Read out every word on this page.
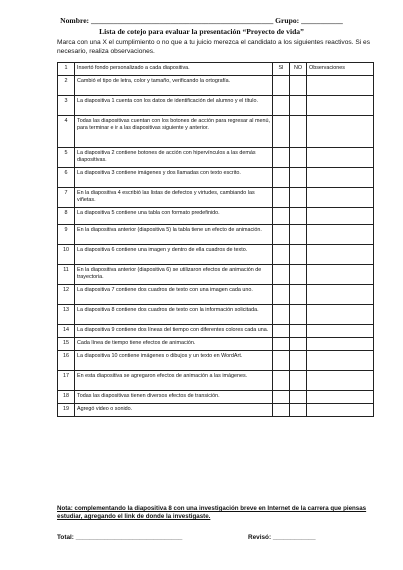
Nombre: ________________________________________________ Grupo: ___________
Lista de cotejo para evaluar la presentación “Proyecto de vida”
Marca con una X el cumplimiento o no que a tu juicio merezca el candidato a los siguientes reactivos. Si es necesario, realiza observaciones.
1	Insertó fondo personalizado a cada diapositiva.	SI	NO	Observaciones
2	Cambió el tipo de letra, color y tamaño, verificando la ortografía.			
3	La diapositiva 1 cuenta con los datos de identificación del alumno y el título.			
4	Todas las diapositivas cuentan con los botones de acción para regresar al menú, para terminar e ir a las diapositivas siguiente y anterior.			
5	La diapositiva 2 contiene botones de acción con hipervínculos a las demás diapositivas.			
6	La diapositiva 3 contiene imágenes y dos llamadas con texto escrito.			
7	En la diapositiva 4 escribió las listas de defectos y virtudes, cambiando las viñetas.			
8	La diapositiva 5 contiene una tabla con formato predefinido.			
9	En la diapositiva anterior (diapositiva 5) la tabla tiene un efecto de animación.			
10	La diapositiva 6 contiene una imagen y dentro de ella cuadros de texto.			
11	En la diapositiva anterior (diapositiva 6) se utilizaron efectos de animación de trayectoria.			
12	La diapositiva 7 contiene dos cuadros de texto con una imagen cada uno.			
13	La diapositiva 8 contiene dos cuadros de texto con la información solicitada.			
14	La diapositiva 9 contiene dos líneas del tiempo con diferentes colores cada una.			
15	Cada línea de tiempo tiene efectos de animación.			
16	La diapositiva 10 contiene imágenes o dibujos y un texto en WordArt.			
17	En esta diapositiva se agregaron efectos de animación a las imágenes.			
18	Todas las diapositivas tienen diversos efectos de transición.			
19	Agregó video o sonido.			
Nota: complementando la diapositiva 8 con una investigación breve en Internet de la carrera que piensas estudiar, agregando el link de donde la investigaste.
Total: ______________________________	Revisó: ____________
